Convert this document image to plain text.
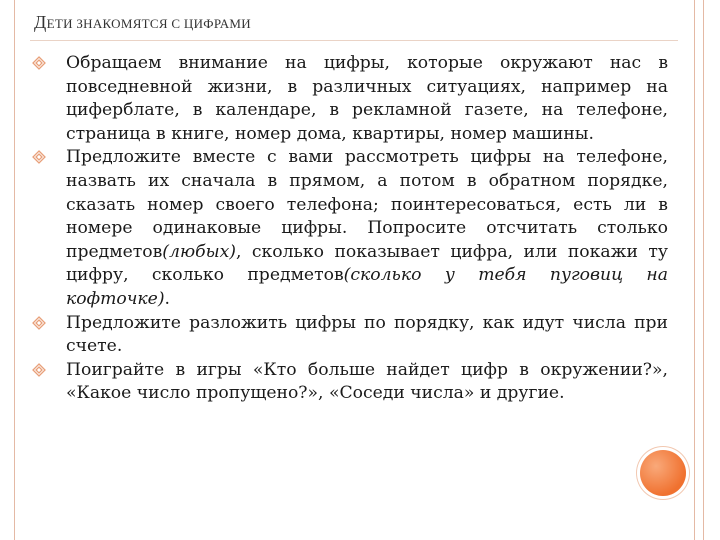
ДЕТИ ЗНАКОМЯТСЯ С ЦИФРАМИ
Обращаем внимание на цифры, которые окружают нас в повседневной жизни, в различных ситуациях, например на циферблате, в календаре, в рекламной газете, на телефоне, страница в книге, номер дома, квартиры, номер машины.
Предложите вместе с вами рассмотреть цифры на телефоне, назвать их сначала в прямом, а потом в обратном порядке, сказать номер своего телефона; поинтересоваться, есть ли в номере одинаковые цифры. Попросите отсчитать столько предметов(любых), сколько показывает цифра, или покажи ту цифру, сколько предметов(сколько у тебя пуговиц на кофточке).
Предложите разложить цифры по порядку, как идут числа при счете.
Поиграйте в игры «Кто больше найдет цифр в окружении?», «Какое число пропущено?», «Соседи числа» и другие.
